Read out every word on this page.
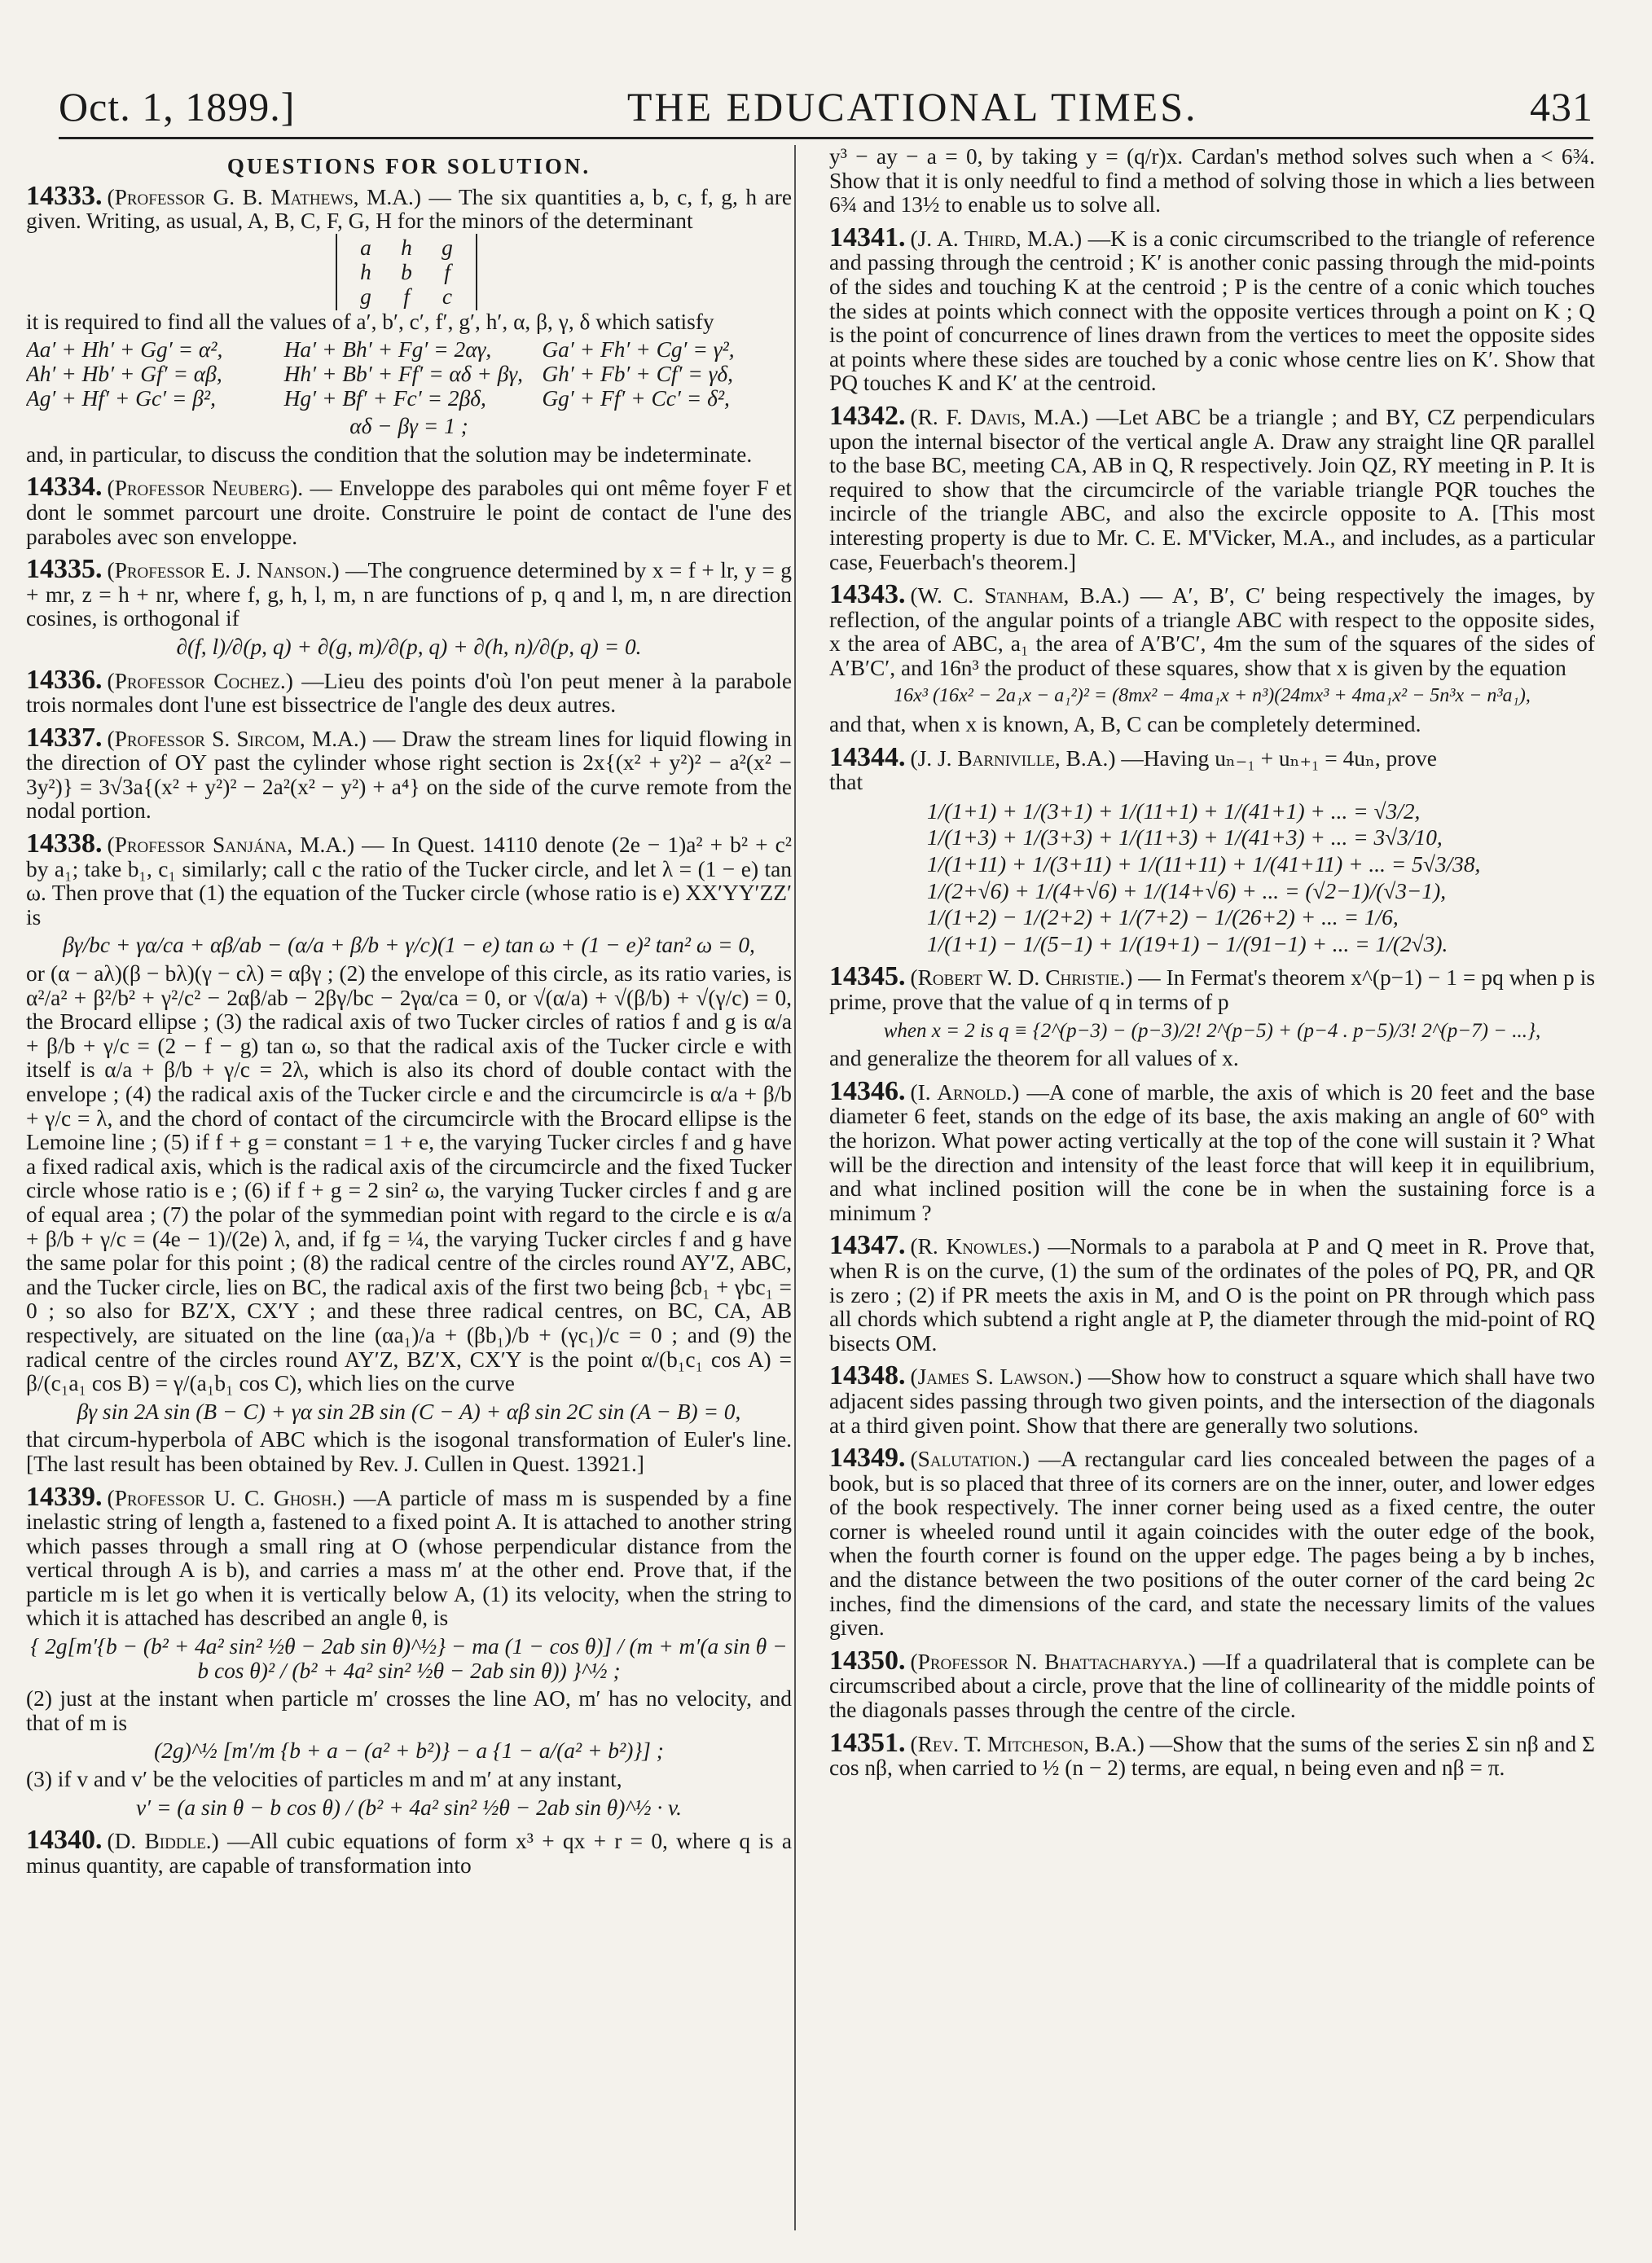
Oct. 1, 1899.]	THE EDUCATIONAL TIMES.	431
QUESTIONS FOR SOLUTION.

14333. (Professor G. B. Mathews, M.A.) — The six quantities a, b, c, f, g, h are given. Writing, as usual, A, B, C, F, G, H for the minors of the determinant

a	h	g
h	b	f
g	f	c

it is required to find all the values of a′, b′, c′, f′, g′, h′, α, β, γ, δ which satisfy

Aa′ + Hh′ + Gg′ = α²,	Ha′ + Bh′ + Fg′ = 2αγ,	Ga′ + Fh′ + Cg′ = γ²,
Ah′ + Hb′ + Gf′ = αβ,	Hh′ + Bb′ + Ff′ = αδ + βγ, Gh′ + Fb′ + Cf′ = γδ,
Ag′ + Hf′ + Gc′ = β²,	Hg′ + Bf′ + Fc′ = 2βδ,	Gg′ + Ff′ + Cc′ = δ²,
αδ − βγ = 1 ;

and, in particular, to discuss the condition that the solution may be indeterminate.

14334. (Professor Neuberg). — Enveloppe des paraboles qui ont même foyer F et dont le sommet parcourt une droite. Construire le point de contact de l'une des paraboles avec son enveloppe.

14335. (Professor E. J. Nanson.) —The congruence determined by x = f + lr, y = g + mr, z = h + nr, where f, g, h, l, m, n are functions of p, q and l, m, n are direction cosines, is orthogonal if

∂(f, l)/∂(p, q) + ∂(g, m)/∂(p, q) + ∂(h, n)/∂(p, q) = 0.

14336. (Professor Cochez.) —Lieu des points d'où l'on peut mener à la parabole trois normales dont l'une est bissectrice de l'angle des deux autres.

14337. (Professor S. Sircom, M.A.) — Draw the stream lines for liquid flowing in the direction of OY past the cylinder whose right section is 2x{(x² + y²)² − a²(x² − 3y²)} = 3√3a{(x² + y²)² − 2a²(x² − y²) + a⁴} on the side of the curve remote from the nodal portion.

14338. (Professor Sanjána, M.A.) — In Quest. 14110 denote (2e − 1)a² + b² + c² by a₁; take b₁, c₁ similarly; call c the ratio of the Tucker circle, and let λ = (1 − e) tan ω. Then prove that (1) the equation of the Tucker circle (whose ratio is e) XX′YY′ZZ′ is

βγ/bc + γα/ca + αβ/ab − (α/a + β/b + γ/c)(1 − e) tan ω + (1 − e)² tan² ω = 0,

or (α − aλ)(β − bλ)(γ − cλ) = αβγ ; (2) the envelope of this circle, as its ratio varies, is α²/a² + β²/b² + γ²/c² − 2αβ/ab − 2βγ/bc − 2γα/ca = 0, or √(α/a) + √(β/b) + √(γ/c) = 0, the Brocard ellipse ; (3) the radical axis of two Tucker circles of ratios f and g is α/a + β/b + γ/c = (2 − f − g) tan ω, so that the radical axis of the Tucker circle e with itself is α/a + β/b + γ/c = 2λ, which is also its chord of double contact with the envelope ; (4) the radical axis of the Tucker circle e and the circumcircle is α/a + β/b + γ/c = λ, and the chord of contact of the circumcircle with the Brocard ellipse is the Lemoine line ; (5) if f + g = constant = 1 + e, the varying Tucker circles f and g have a fixed radical axis, which is the radical axis of the circumcircle and the fixed Tucker circle whose ratio is e ; (6) if f + g = 2 sin² ω, the varying Tucker circles f and g are of equal area ; (7) the polar of the symmedian point with regard to the circle e is α/a + β/b + γ/c = (4e − 1)/(2e) λ, and, if fg = ¼, the varying Tucker circles f and g have the same polar for this point ; (8) the radical centre of the circles round AY′Z, ABC, and the Tucker circle, lies on BC, the radical axis of the first two being βcb₁ + γbc₁ = 0 ; so also for BZ′X, CX′Y ; and these three radical centres, on BC, CA, AB respectively, are situated on the line (αa₁)/a + (βb₁)/b + (γc₁)/c = 0 ; and (9) the radical centre of the circles round AY′Z, BZ′X, CX′Y is the point α/(b₁c₁ cos A) = β/(c₁a₁ cos B) = γ/(a₁b₁ cos C), which lies on the curve

βγ sin 2A sin (B − C) + γα sin 2B sin (C − A) + αβ sin 2C sin (A − B) = 0,

that circum-hyperbola of ABC which is the isogonal transformation of Euler's line. [The last result has been obtained by Rev. J. Cullen in Quest. 13921.]

14339. (Professor U. C. Ghosh.) —A particle of mass m is suspended by a fine inelastic string of length a, fastened to a fixed point A. It is attached to another string which passes through a small ring at O (whose perpendicular distance from the vertical through A is b), and carries a mass m′ at the other end. Prove that, if the particle m is let go when it is vertically below A, (1) its velocity, when the string to which it is attached has described an angle θ, is

{ 2g[m′{b − (b² + 4a² sin² ½θ − 2ab sin θ)^½} − ma (1 − cos θ)] / (m + m′(a sin θ − b cos θ)² / (b² + 4a² sin² ½θ − 2ab sin θ)) }^½ ;

(2) just at the instant when particle m′ crosses the line AO, m′ has no velocity, and that of m is

(2g)^½ [m′/m {b + a − (a² + b²)} − a {1 − a/(a² + b²)}] ;

(3) if v and v′ be the velocities of particles m and m′ at any instant,

v′ = (a sin θ − b cos θ) / (b² + 4a² sin² ½θ − 2ab sin θ)^½ · v.

14340. (D. Biddle.) —All cubic equations of form x³ + qx + r = 0, where q is a minus quantity, are capable of transformation into

y³ − ay − a = 0, by taking y = (q/r)x. Cardan's method solves such when a < 6¾. Show that it is only needful to find a method of solving those in which a lies between 6¾ and 13½ to enable us to solve all.

14341. (J. A. Third, M.A.) —K is a conic circumscribed to the triangle of reference and passing through the centroid ; K′ is another conic passing through the mid-points of the sides and touching K at the centroid ; P is the centre of a conic which touches the sides at points which connect with the opposite vertices through a point on K ; Q is the point of concurrence of lines drawn from the vertices to meet the opposite sides at points where these sides are touched by a conic whose centre lies on K′. Show that PQ touches K and K′ at the centroid.

14342. (R. F. Davis, M.A.) —Let ABC be a triangle ; and BY, CZ perpendiculars upon the internal bisector of the vertical angle A. Draw any straight line QR parallel to the base BC, meeting CA, AB in Q, R respectively. Join QZ, RY meeting in P. It is required to show that the circumcircle of the variable triangle PQR touches the incircle of the triangle ABC, and also the excircle opposite to A. [This most interesting property is due to Mr. C. E. M'Vicker, M.A., and includes, as a particular case, Feuerbach's theorem.]

14343. (W. C. Stanham, B.A.) — A′, B′, C′ being respectively the images, by reflection, of the angular points of a triangle ABC with respect to the opposite sides, x the area of ABC, a₁ the area of A′B′C′, 4m the sum of the squares of the sides of A′B′C′, and 16n³ the product of these squares, show that x is given by the equation

16x³ (16x² − 2a₁x − a₁²)² = (8mx² − 4ma₁x + n³)(24mx³ + 4ma₁x² − 5n³x − n³a₁),

and that, when x is known, A, B, C can be completely determined.

14344. (J. J. Barniville, B.A.) —Having uₙ₋₁ + uₙ₊₁ = 4uₙ, prove

that

1/(1+1) + 1/(3+1) + 1/(11+1) + 1/(41+1) + ... = √3/2,
1/(1+3) + 1/(3+3) + 1/(11+3) + 1/(41+3) + ... = 3√3/10,
1/(1+11) + 1/(3+11) + 1/(11+11) + 1/(41+11) + ... = 5√3/38,
1/(2+√6) + 1/(4+√6) + 1/(14+√6) + ... = (√2−1)/(√3−1),
1/(1+2) − 1/(2+2) + 1/(7+2) − 1/(26+2) + ... = 1/6,
1/(1+1) − 1/(5−1) + 1/(19+1) − 1/(91−1) + ... = 1/(2√3).

14345. (Robert W. D. Christie.) — In Fermat's theorem x^(p−1) − 1 = pq when p is prime, prove that the value of q in terms of p

when x = 2 is q ≡ {2^(p−3) − (p−3)/2! 2^(p−5) + (p−4 . p−5)/3! 2^(p−7) − ...},

and generalize the theorem for all values of x.

14346. (I. Arnold.) —A cone of marble, the axis of which is 20 feet and the base diameter 6 feet, stands on the edge of its base, the axis making an angle of 60° with the horizon. What power acting vertically at the top of the cone will sustain it ? What will be the direction and intensity of the least force that will keep it in equilibrium, and what inclined position will the cone be in when the sustaining force is a minimum ?

14347. (R. Knowles.) —Normals to a parabola at P and Q meet in R. Prove that, when R is on the curve, (1) the sum of the ordinates of the poles of PQ, PR, and QR is zero ; (2) if PR meets the axis in M, and O is the point on PR through which pass all chords which subtend a right angle at P, the diameter through the mid-point of RQ bisects OM.

14348. (James S. Lawson.) —Show how to construct a square which shall have two adjacent sides passing through two given points, and the intersection of the diagonals at a third given point. Show that there are generally two solutions.

14349. (Salutation.) —A rectangular card lies concealed between the pages of a book, but is so placed that three of its corners are on the inner, outer, and lower edges of the book respectively. The inner corner being used as a fixed centre, the outer corner is wheeled round until it again coincides with the outer edge of the book, when the fourth corner is found on the upper edge. The pages being a by b inches, and the distance between the two positions of the outer corner of the card being 2c inches, find the dimensions of the card, and state the necessary limits of the values given.

14350. (Professor N. Bhattacharyya.) —If a quadrilateral that is complete can be circumscribed about a circle, prove that the line of collinearity of the middle points of the diagonals passes through the centre of the circle.

14351. (Rev. T. Mitcheson, B.A.) —Show that the sums of the series Σ sin nβ and Σ cos nβ, when carried to ½ (n − 2) terms, are equal, n being even and nβ = π.
